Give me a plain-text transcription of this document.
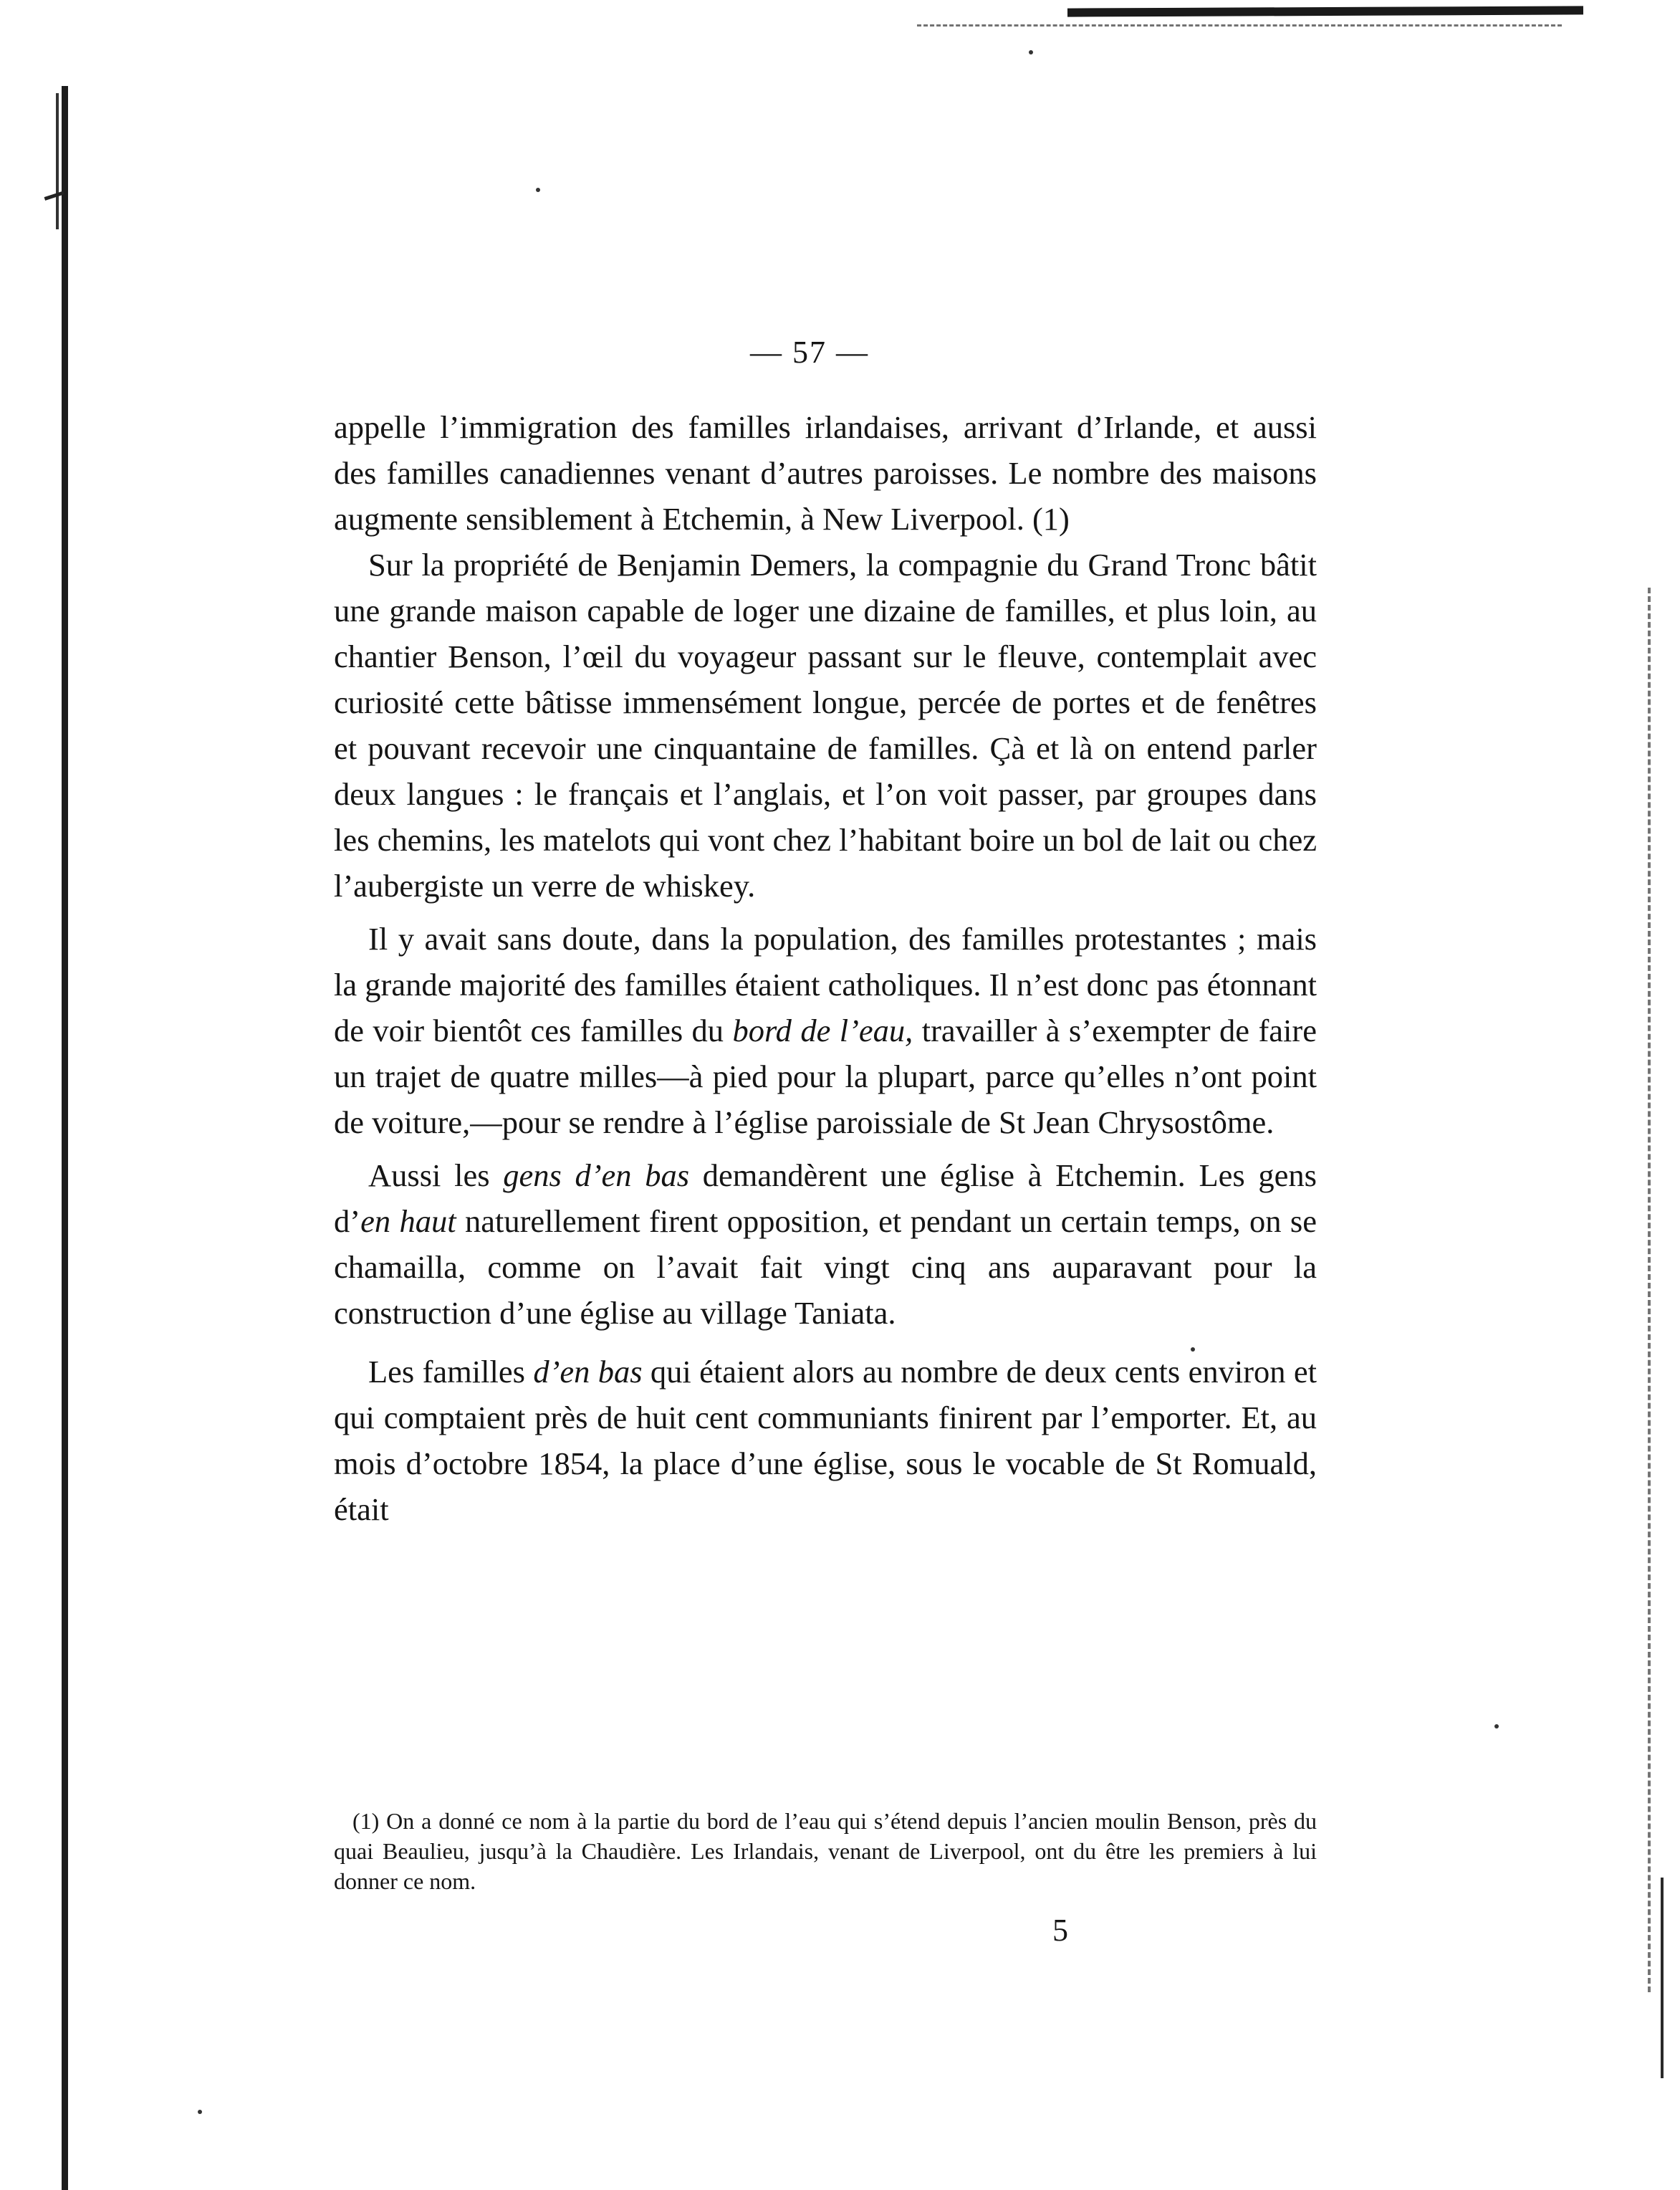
— 57 —

appelle l’immigration des familles irlandaises, arrivant d’Irlande, et aussi des familles canadiennes venant d’autres paroisses. Le nombre des maisons augmente sensiblement à Etchemin, à New Liverpool. (1)

Sur la propriété de Benjamin Demers, la compagnie du Grand Tronc bâtit une grande maison capable de loger une dizaine de familles, et plus loin, au chantier Benson, l’œil du voyageur passant sur le fleuve, contemplait avec curiosité cette bâtisse immensément longue, percée de portes et de fenêtres et pouvant recevoir une cinquantaine de familles. Çà et là on entend parler deux langues : le français et l’anglais, et l’on voit passer, par groupes dans les chemins, les matelots qui vont chez l’habitant boire un bol de lait ou chez l’aubergiste un verre de whiskey.

Il y avait sans doute, dans la population, des familles protestantes ; mais la grande majorité des familles étaient catholiques. Il n’est donc pas étonnant de voir bientôt ces familles du bord de l’eau, travailler à s’exempter de faire un trajet de quatre milles—à pied pour la plupart, parce qu’elles n’ont point de voiture,—pour se rendre à l’église paroissiale de St Jean Chrysostôme.

Aussi les gens d’en bas demandèrent une église à Etchemin. Les gens d’en haut naturellement firent opposition, et pendant un certain temps, on se chamailla, comme on l’avait fait vingt cinq ans auparavant pour la construction d’une église au village Taniata.

Les familles d’en bas qui étaient alors au nombre de deux cents environ et qui comptaient près de huit cent communiants finirent par l’emporter. Et, au mois d’octobre 1854, la place d’une église, sous le vocable de St Romuald, était

(1) On a donné ce nom à la partie du bord de l’eau qui s’étend depuis l’ancien moulin Benson, près du quai Beaulieu, jusqu’à la Chaudière. Les Irlandais, venant de Liverpool, ont du être les premiers à lui donner ce nom.

5
